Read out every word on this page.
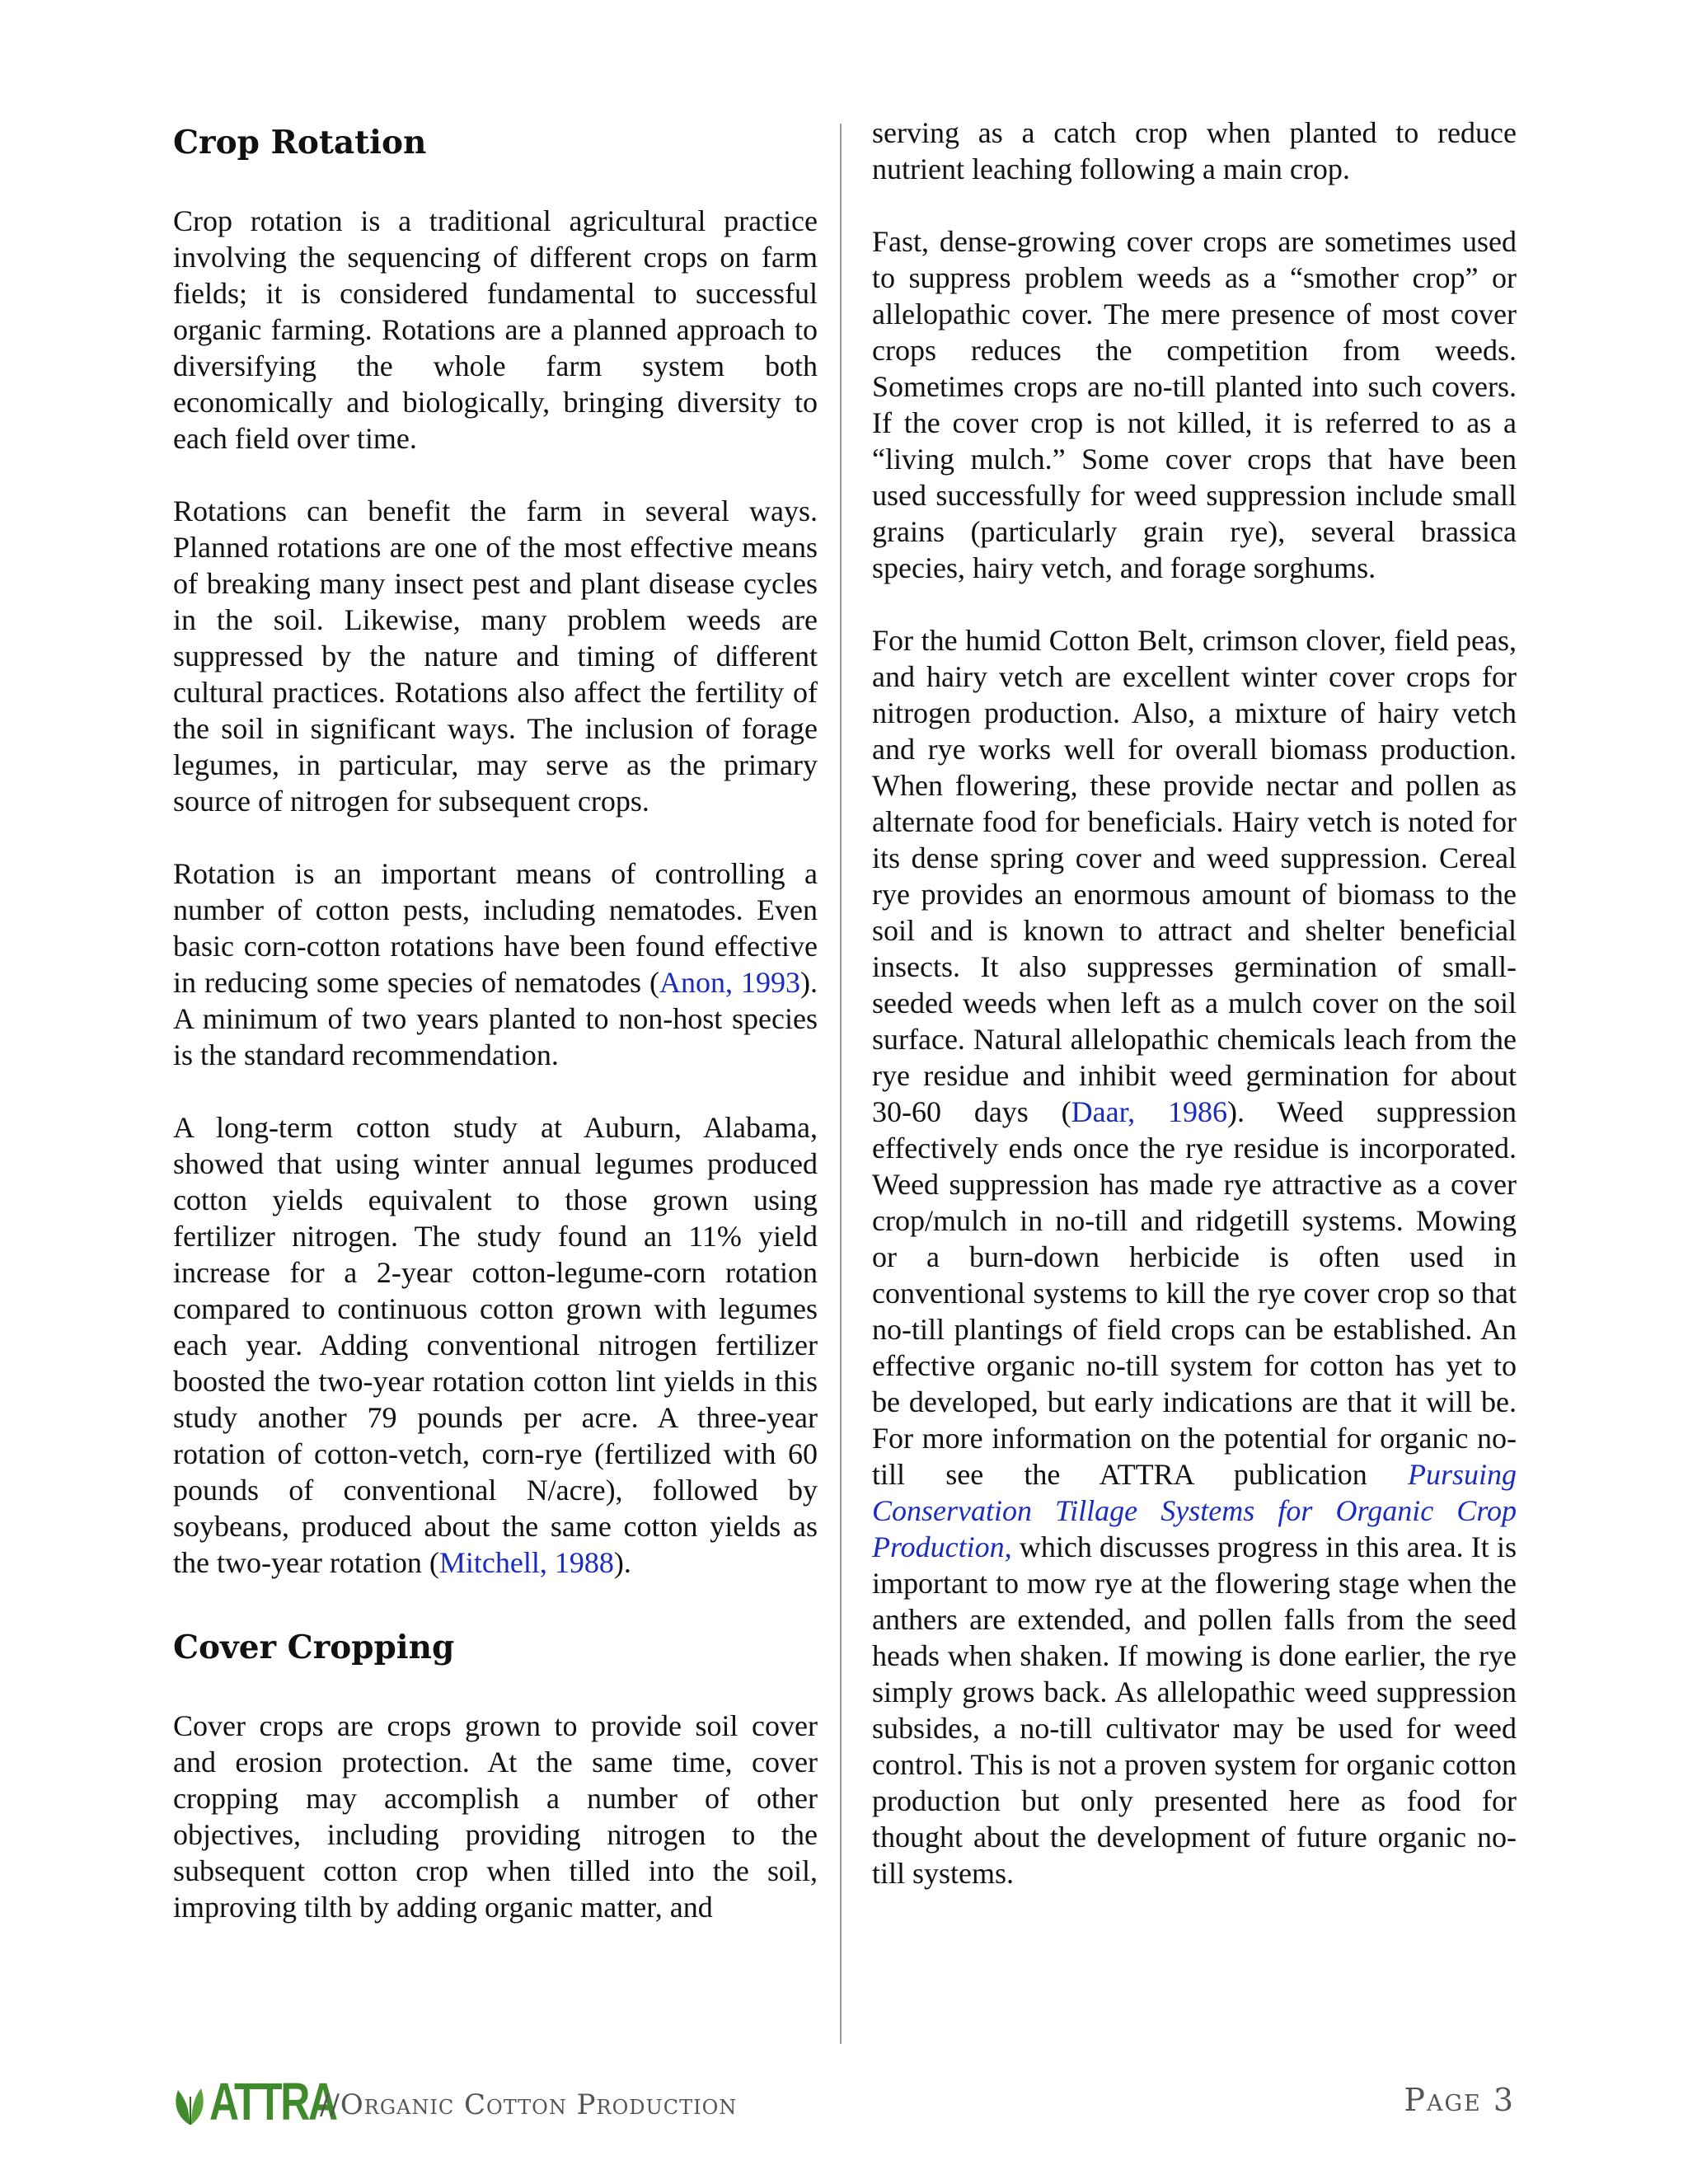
Crop Rotation

Crop rotation is a traditional agricultural practice involving the sequencing of different crops on farm fields; it is considered fundamental to successful organic farming. Rotations are a planned approach to diversifying the whole farm system both economically and biologically, bringing diversity to each field over time.

Rotations can benefit the farm in several ways. Planned rotations are one of the most effective means of breaking many insect pest and plant disease cycles in the soil. Likewise, many problem weeds are suppressed by the nature and timing of different cultural practices. Rotations also affect the fertility of the soil in significant ways. The inclusion of forage legumes, in particular, may serve as the primary source of nitrogen for subsequent crops.

Rotation is an important means of controlling a number of cotton pests, including nematodes. Even basic corn-cotton rotations have been found effective in reducing some species of nematodes (Anon, 1993). A minimum of two years planted to non-host species is the standard recommendation.

A long-term cotton study at Auburn, Alabama, showed that using winter annual legumes produced cotton yields equivalent to those grown using fertilizer nitrogen. The study found an 11% yield increase for a 2-year cotton-legume-corn rotation compared to continuous cotton grown with legumes each year. Adding conventional nitrogen fertilizer boosted the two-year rotation cotton lint yields in this study another 79 pounds per acre. A three-year rotation of cotton-vetch, corn-rye (fertilized with 60 pounds of conventional N/acre), followed by soybeans, produced about the same cotton yields as the two-year rotation (Mitchell, 1988).

Cover Cropping

Cover crops are crops grown to provide soil cover and erosion protection. At the same time, cover cropping may accomplish a number of other objectives, including providing nitrogen to the subsequent cotton crop when tilled into the soil, improving tilth by adding organic matter, and

serving as a catch crop when planted to reduce nutrient leaching following a main crop.

Fast, dense-growing cover crops are sometimes used to suppress problem weeds as a “smother crop” or allelopathic cover. The mere presence of most cover crops reduces the competition from weeds. Sometimes crops are no-till planted into such covers. If the cover crop is not killed, it is referred to as a “living mulch.” Some cover crops that have been used successfully for weed suppression include small grains (particularly grain rye), several brassica species, hairy vetch, and forage sorghums.

For the humid Cotton Belt, crimson clover, field peas, and hairy vetch are excellent winter cover crops for nitrogen production. Also, a mixture of hairy vetch and rye works well for overall biomass production. When flowering, these provide nectar and pollen as alternate food for beneficials. Hairy vetch is noted for its dense spring cover and weed suppression. Cereal rye provides an enormous amount of biomass to the soil and is known to attract and shelter beneficial insects. It also suppresses germination of small-seeded weeds when left as a mulch cover on the soil surface. Natural allelopathic chemicals leach from the rye residue and inhibit weed germination for about 30-60 days (Daar, 1986). Weed suppression effectively ends once the rye residue is incorporated. Weed suppression has made rye attractive as a cover crop/mulch in no-till and ridgetill systems. Mowing or a burn-down herbicide is often used in conventional systems to kill the rye cover crop so that no-till plantings of field crops can be established. An effective organic no-till system for cotton has yet to be developed, but early indications are that it will be. For more information on the potential for organic no-till see the ATTRA publication Pursuing Conservation Tillage Systems for Organic Crop Production, which discusses progress in this area. It is important to mow rye at the flowering stage when the anthers are extended, and pollen falls from the seed heads when shaken. If mowing is done earlier, the rye simply grows back. As allelopathic weed suppression subsides, a no-till cultivator may be used for weed control. This is not a proven system for organic cotton production but only presented here as food for thought about the development of future organic no-till systems.

ATTRA
//Organic Cotton Production	Page 3
